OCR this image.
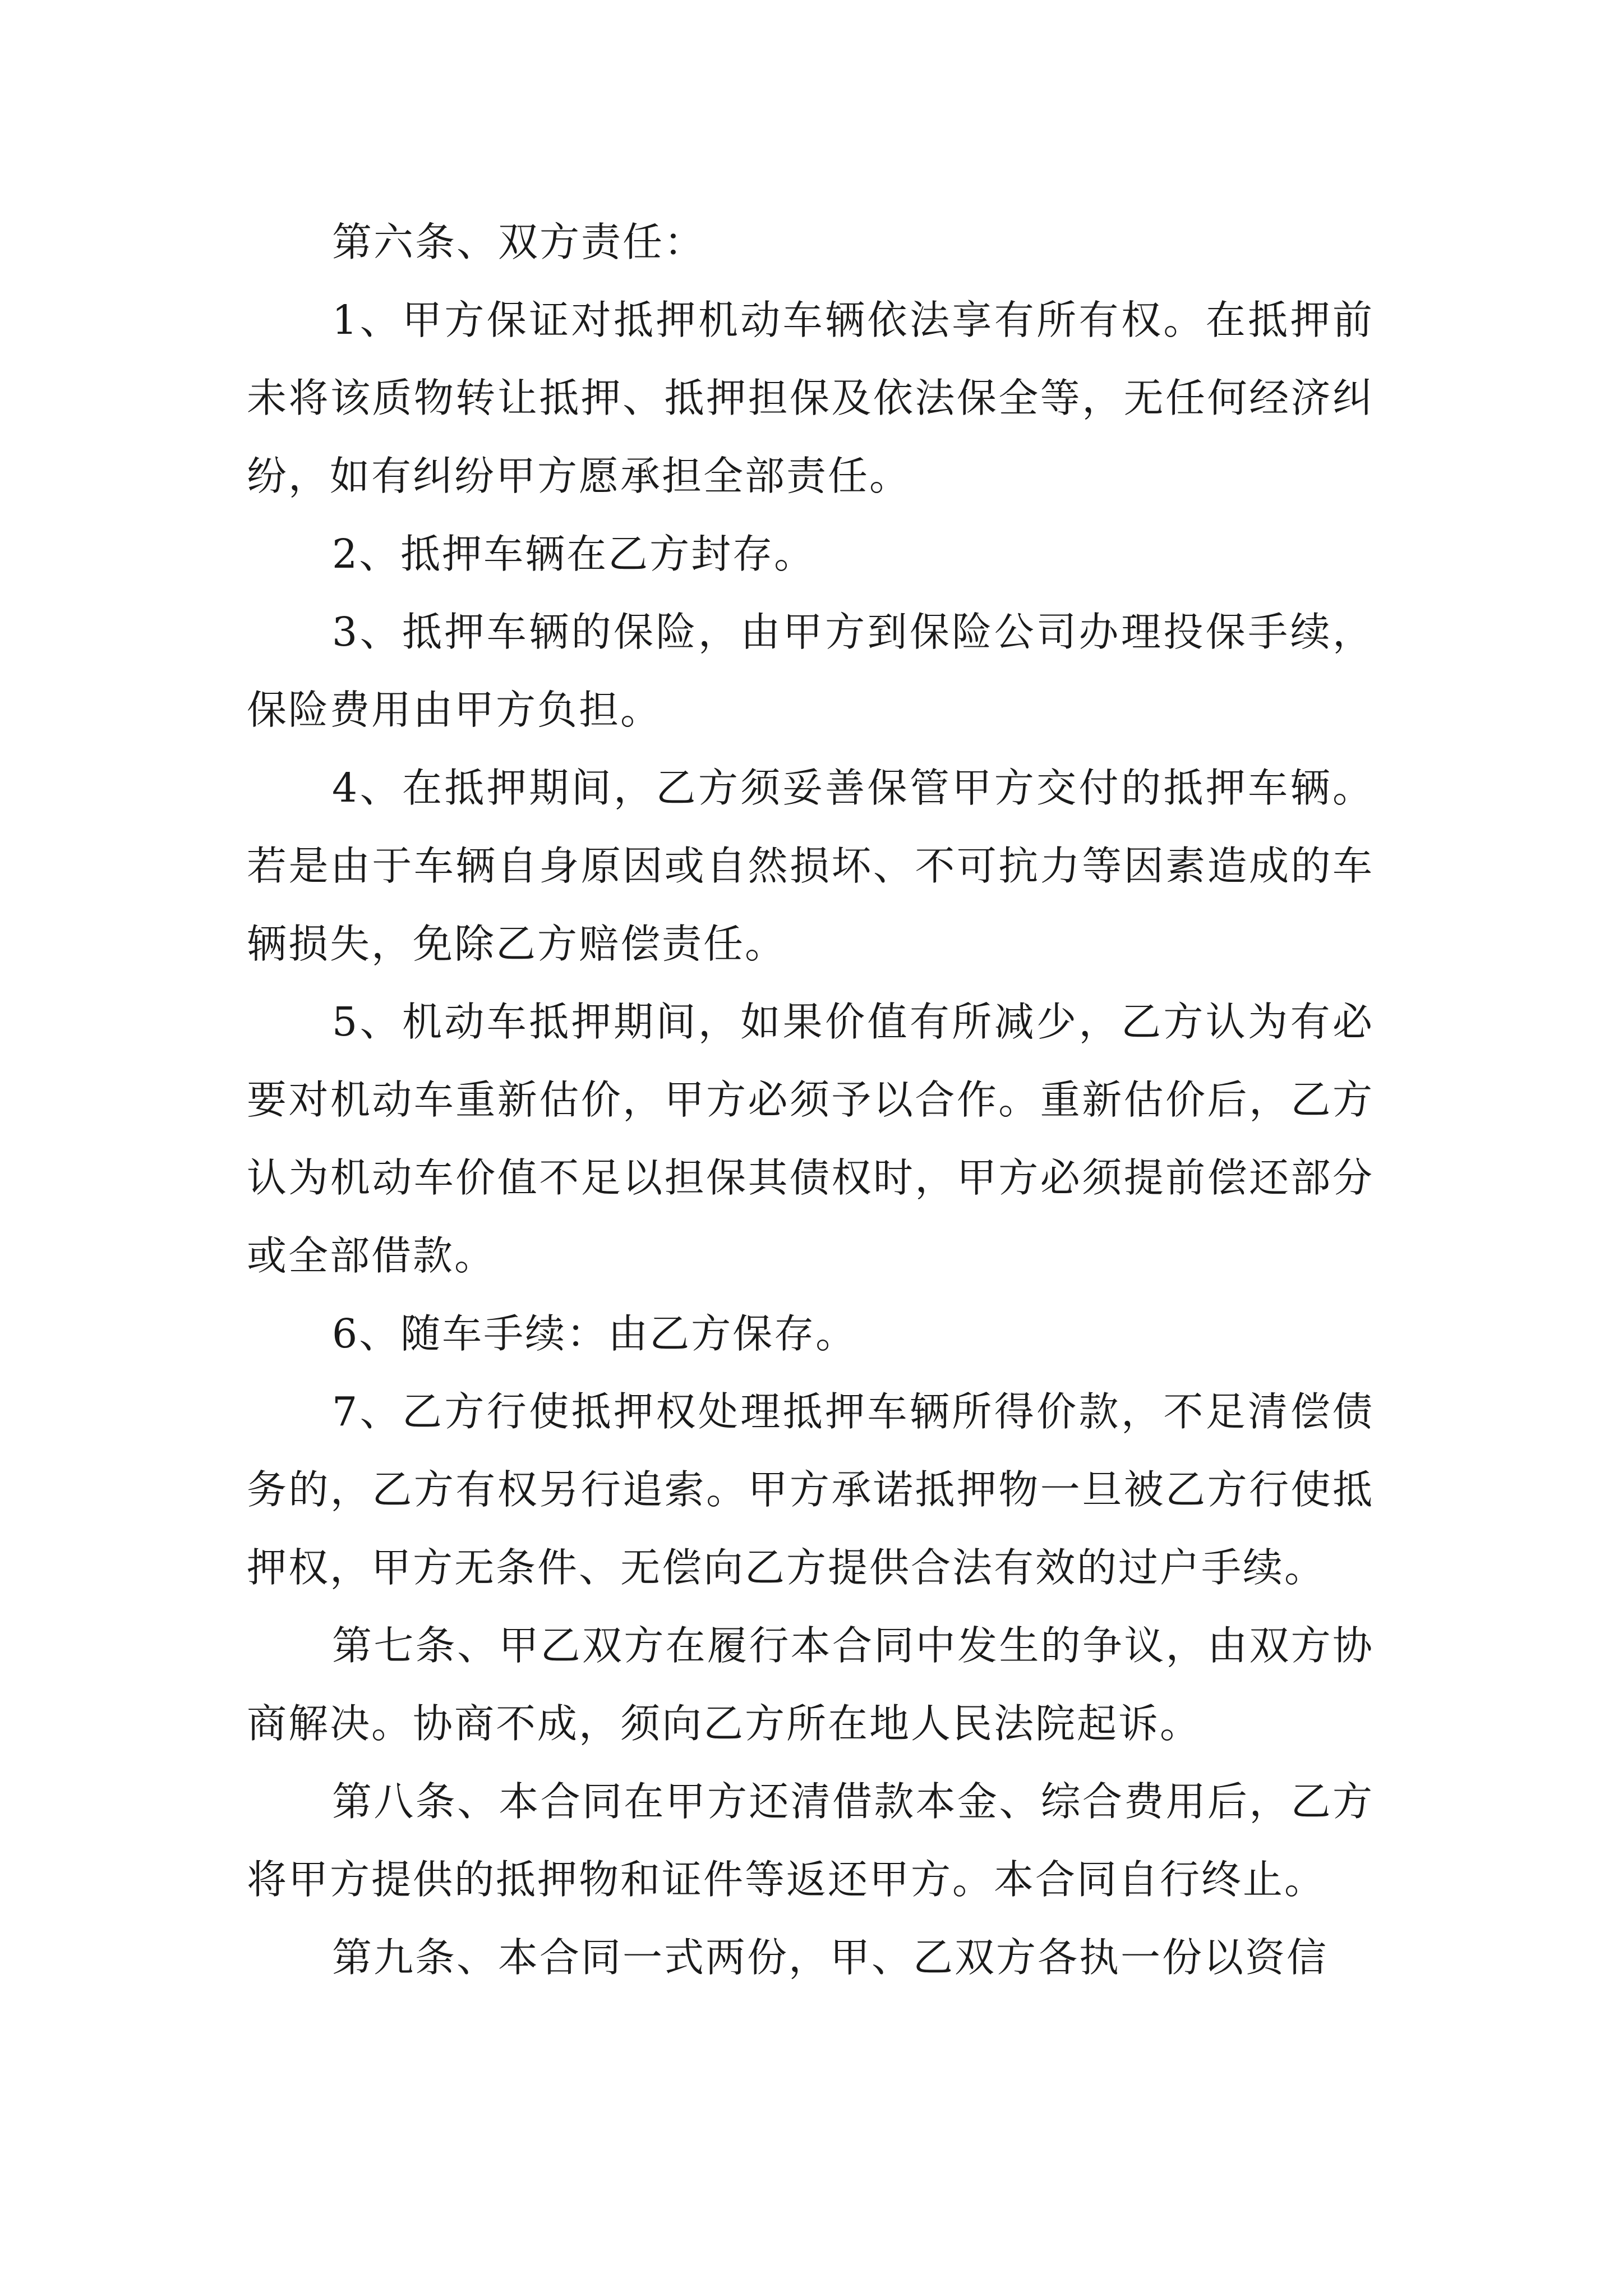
第六条、双方责任：

1、甲方保证对抵押机动车辆依法享有所有权。在抵押前未将该质物转让抵押、抵押担保及依法保全等，无任何经济纠纷，如有纠纷甲方愿承担全部责任。

2、抵押车辆在乙方封存。

3、抵押车辆的保险，由甲方到保险公司办理投保手续，保险费用由甲方负担。

4、在抵押期间，乙方须妥善保管甲方交付的抵押车辆。若是由于车辆自身原因或自然损坏、不可抗力等因素造成的车辆损失，免除乙方赔偿责任。

5、机动车抵押期间，如果价值有所减少，乙方认为有必要对机动车重新估价，甲方必须予以合作。重新估价后，乙方认为机动车价值不足以担保其债权时，甲方必须提前偿还部分或全部借款。

6、随车手续：由乙方保存。

7、乙方行使抵押权处理抵押车辆所得价款，不足清偿债务的，乙方有权另行追索。甲方承诺抵押物一旦被乙方行使抵押权，甲方无条件、无偿向乙方提供合法有效的过户手续。

第七条、甲乙双方在履行本合同中发生的争议，由双方协商解决。协商不成，须向乙方所在地人民法院起诉。

第八条、本合同在甲方还清借款本金、综合费用后，乙方将甲方提供的抵押物和证件等返还甲方。本合同自行终止。

第九条、本合同一式两份，甲、乙双方各执一份以资信
